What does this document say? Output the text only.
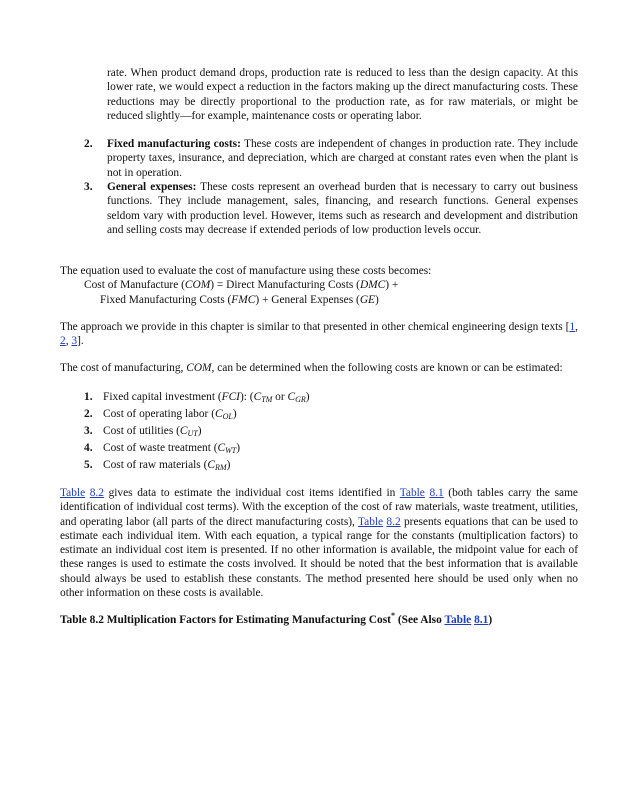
rate. When product demand drops, production rate is reduced to less than the design capacity. At this lower rate, we would expect a reduction in the factors making up the direct manufacturing costs. These reductions may be directly proportional to the production rate, as for raw materials, or might be reduced slightly—for example, maintenance costs or operating labor.
2. Fixed manufacturing costs: These costs are independent of changes in production rate. They include property taxes, insurance, and depreciation, which are charged at constant rates even when the plant is not in operation.
3. General expenses: These costs represent an overhead burden that is necessary to carry out business functions. They include management, sales, financing, and research functions. General expenses seldom vary with production level. However, items such as research and development and distribution and selling costs may decrease if extended periods of low production levels occur.
The equation used to evaluate the cost of manufacture using these costs becomes:
Cost of Manufacture (COM) = Direct Manufacturing Costs (DMC) +
Fixed Manufacturing Costs (FMC) + General Expenses (GE)
The approach we provide in this chapter is similar to that presented in other chemical engineering design texts [1, 2, 3].
The cost of manufacturing, COM, can be determined when the following costs are known or can be estimated:
1. Fixed capital investment (FCI): ($C_{TM}$ or $C_{GR}$)
2. Cost of operating labor $(C_{OL})$
3. Cost of utilities $(C_{UT})$
4. Cost of waste treatment $(C_{WT})$
5. Cost of raw materials $(C_{RM})$
Table 8.2 gives data to estimate the individual cost items identified in Table 8.1 (both tables carry the same identification of individual cost terms). With the exception of the cost of raw materials, waste treatment, utilities, and operating labor (all parts of the direct manufacturing costs), Table 8.2 presents equations that can be used to estimate each individual item. With each equation, a typical range for the constants (multiplication factors) to estimate an individual cost item is presented. If no other information is available, the midpoint value for each of these ranges is used to estimate the costs involved. It should be noted that the best information that is available should always be used to establish these constants. The method presented here should be used only when no other information on these costs is available.
Table 8.2 Multiplication Factors for Estimating Manufacturing Cost* (See Also Table 8.1)
